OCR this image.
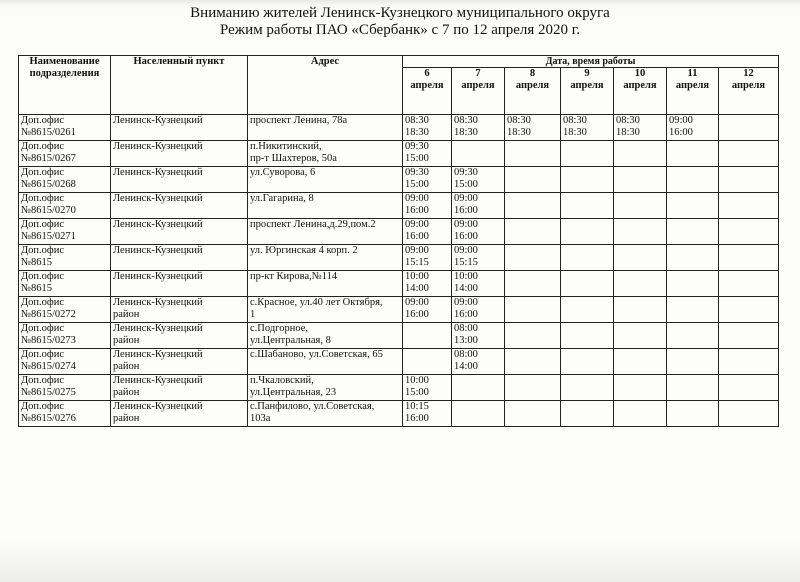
Вниманию жителей Ленинск-Кузнецкого муниципального округа
Режим работы ПАО «Сбербанк» с 7 по 12 апреля 2020 г.
Наименование подразделения	Населенный пункт	Адрес	Дата, время работы						

			6
апреля	7
апреля	8
апреля	9
апреля	10
апреля	11
апреля	12
апреля

Доп.офис
№8615/0261	Ленинск-Кузнецкий	проспект Ленина, 78а	08:30
18:30	08:30
18:30	08:30
18:30	08:30
18:30	08:30
18:30	09:00
16:00	

Доп.офис
№8615/0267	Ленинск-Кузнецкий	п.Никитинский,
пр-т Шахтеров, 50а	09:30
15:00						

Доп.офис
№8615/0268	Ленинск-Кузнецкий	ул.Суворова, 6	09:30
15:00	09:30
15:00					

Доп.офис
№8615/0270	Ленинск-Кузнецкий	ул.Гагарина, 8	09:00
16:00	09:00
16:00					

Доп.офис
№8615/0271	Ленинск-Кузнецкий	проспект Ленина,д.29,пом.2	09:00
16:00	09:00
16:00					

Доп.офис
№8615	Ленинск-Кузнецкий	ул. Юргинская 4 корп. 2	09:00
15:15	09:00
15:15					

Доп.офис
№8615	Ленинск-Кузнецкий	пр-кт Кирова,№114	10:00
14:00	10:00
14:00					

Доп.офис
№8615/0272	Ленинск-Кузнецкий
район	с.Красное, ул.40 лет Октября,
1	09:00
16:00	09:00
16:00					

Доп.офис
№8615/0273	Ленинск-Кузнецкий
район	с.Подгорное,
ул.Центральная, 8		08:00
13:00					

Доп.офис
№8615/0274	Ленинск-Кузнецкий
район	с.Шабаново, ул.Советская, 65		08:00
14:00					

Доп.офис
№8615/0275	Ленинск-Кузнецкий
район	п.Чкаловский,
ул.Центральная, 23	10:00
15:00						

Доп.офис
№8615/0276	Ленинск-Кузнецкий
район	с.Панфилово, ул.Советская,
103а	10:15
16:00						
